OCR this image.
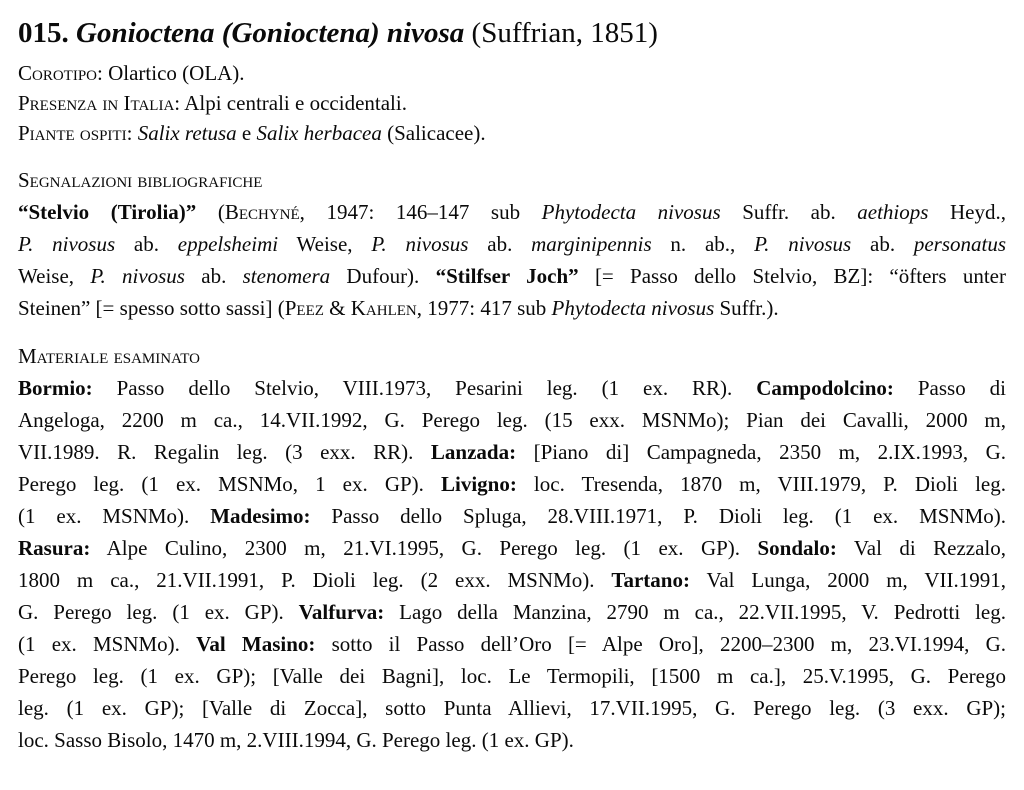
015. Gonioctena (Gonioctena) nivosa (Suffrian, 1851)
Corotipo: Olartico (OLA).
Presenza in Italia: Alpi centrali e occidentali.
Piante ospiti: Salix retusa e Salix herbacea (Salicacee).
Segnalazioni bibliografiche
“Stelvio (Tirolia)” (Bechyné, 1947: 146–147 sub Phytodecta nivosus Suffr. ab. aethiops Heyd.,
P. nivosus ab. eppelsheimi Weise, P. nivosus ab. marginipennis n. ab., P. nivosus ab. personatus
Weise, P. nivosus ab. stenomera Dufour). “Stilfser Joch” [= Passo dello Stelvio, BZ]: “öfters unter
Steinen” [= spesso sotto sassi] (Peez & Kahlen, 1977: 417 sub Phytodecta nivosus Suffr.).
Materiale esaminato
Bormio: Passo dello Stelvio, VIII.1973, Pesarini leg. (1 ex. RR). Campodolcino: Passo di
Angeloga, 2200 m ca., 14.VII.1992, G. Perego leg. (15 exx. MSNMo); Pian dei Cavalli, 2000 m,
VII.1989. R. Regalin leg. (3 exx. RR). Lanzada: [Piano di] Campagneda, 2350 m, 2.IX.1993, G.
Perego leg. (1 ex. MSNMo, 1 ex. GP). Livigno: loc. Tresenda, 1870 m, VIII.1979, P. Dioli leg.
(1 ex. MSNMo). Madesimo: Passo dello Spluga, 28.VIII.1971, P. Dioli leg. (1 ex. MSNMo).
Rasura: Alpe Culino, 2300 m, 21.VI.1995, G. Perego leg. (1 ex. GP). Sondalo: Val di Rezzalo,
1800 m ca., 21.VII.1991, P. Dioli leg. (2 exx. MSNMo). Tartano: Val Lunga, 2000 m, VII.1991,
G. Perego leg. (1 ex. GP). Valfurva: Lago della Manzina, 2790 m ca., 22.VII.1995, V. Pedrotti leg.
(1 ex. MSNMo). Val Masino: sotto il Passo dell’Oro [= Alpe Oro], 2200–2300 m, 23.VI.1994, G.
Perego leg. (1 ex. GP); [Valle dei Bagni], loc. Le Termopili, [1500 m ca.], 25.V.1995, G. Perego
leg. (1 ex. GP); [Valle di Zocca], sotto Punta Allievi, 17.VII.1995, G. Perego leg. (3 exx. GP);
loc. Sasso Bisolo, 1470 m, 2.VIII.1994, G. Perego leg. (1 ex. GP).
